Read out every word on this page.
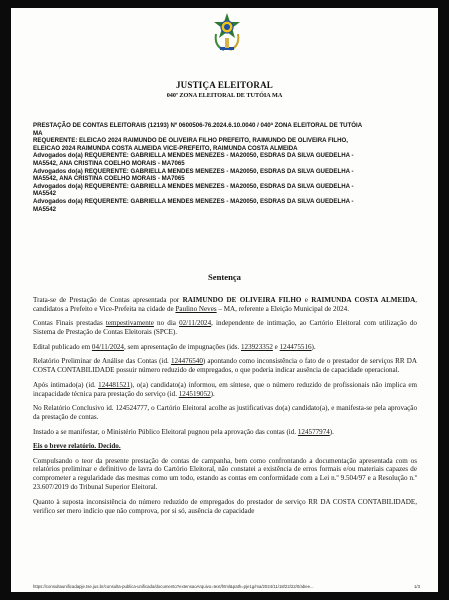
JUSTIÇA ELEITORAL
040ª ZONA ELEITORAL DE TUTÓIA MA
PRESTAÇÃO DE CONTAS ELEITORAIS (12193) Nº 0600506-76.2024.6.10.0040 / 040ª ZONA ELEITORAL DE TUTÓIA
MA
REQUERENTE: ELEICAO 2024 RAIMUNDO DE OLIVEIRA FILHO PREFEITO, RAIMUNDO DE OLIVEIRA FILHO,
ELEICAO 2024 RAIMUNDA COSTA ALMEIDA VICE-PREFEITO, RAIMUNDA COSTA ALMEIDA
Advogados do(a) REQUERENTE: GABRIELLA MENDES MENEZES - MA20050, ESDRAS DA SILVA GUEDELHA -
MA5542, ANA CRISTINA COELHO MORAIS - MA7065
Advogados do(a) REQUERENTE: GABRIELLA MENDES MENEZES - MA20050, ESDRAS DA SILVA GUEDELHA -
MA5542, ANA CRISTINA COELHO MORAIS - MA7065
Advogados do(a) REQUERENTE: GABRIELLA MENDES MENEZES - MA20050, ESDRAS DA SILVA GUEDELHA -
MA5542
Advogados do(a) REQUERENTE: GABRIELLA MENDES MENEZES - MA20050, ESDRAS DA SILVA GUEDELHA -
MA5542
Sentença

Trata-se de Prestação de Contas apresentada por RAIMUNDO DE OLIVEIRA FILHO e RAIMUNDA COSTA ALMEIDA, candidatos a Prefeito e Vice-Prefeita na cidade de Paulino Neves – MA, referente a Eleição Municipal de 2024.

Contas Finais prestadas tempestivamente no dia 02/11/2024, independente de intimação, ao Cartório Eleitoral com utilização do Sistema de Prestação de Contas Eleitorais (SPCE).

Edital publicado em 04/11/2024, sem apresentação de impugnações (ids. 123923352 e 124475516).

Relatório Preliminar de Análise das Contas (id. 124476540) apontando como inconsistência o fato de o prestador de serviços RR DA COSTA CONTABILIDADE possuir número reduzido de empregados, o que poderia indicar ausência de capacidade operacional.

Após intimado(a) (id. 124481521), o(a) candidato(a) informou, em síntese, que o número reduzido de profissionais não implica em incapacidade técnica para prestação do serviço (id. 124519052).

No Relatório Conclusivo id. 124524777, o Cartório Eleitoral acolhe as justificativas do(a) candidato(a), e manifesta-se pela aprovação da prestação de contas.

Instado a se manifestar, o Ministério Público Eleitoral pugnou pela aprovação das contas (id. 124577974).

Eis o breve relatório. Decido.

Compulsando o teor da presente prestação de contas de campanha, bem como confrontando a documentação apresentada com os relatórios preliminar e definitivo de lavra do Cartório Eleitoral, não constatei a existência de erros formais e/ou materiais capazes de comprometer a regularidade das mesmas como um todo, estando as contas em conformidade com a Lei n.º 9.504/97 e a Resolução n.º 23.607/2019 do Tribunal Superior Eleitoral.

Quanto à suposta inconsistência do número reduzido de empregados do prestador de serviço RR DA COSTA CONTABILIDADE, verifico ser mero indício que não comprova, por si só, ausência de capacidade

https://consultaunificadapje.tse.jus.br/consulta-publica-unificada/documento?extensaoArquivo=text/html&path=pje1g/ma/2024/11/18/22/22/0/abee...	1/3
